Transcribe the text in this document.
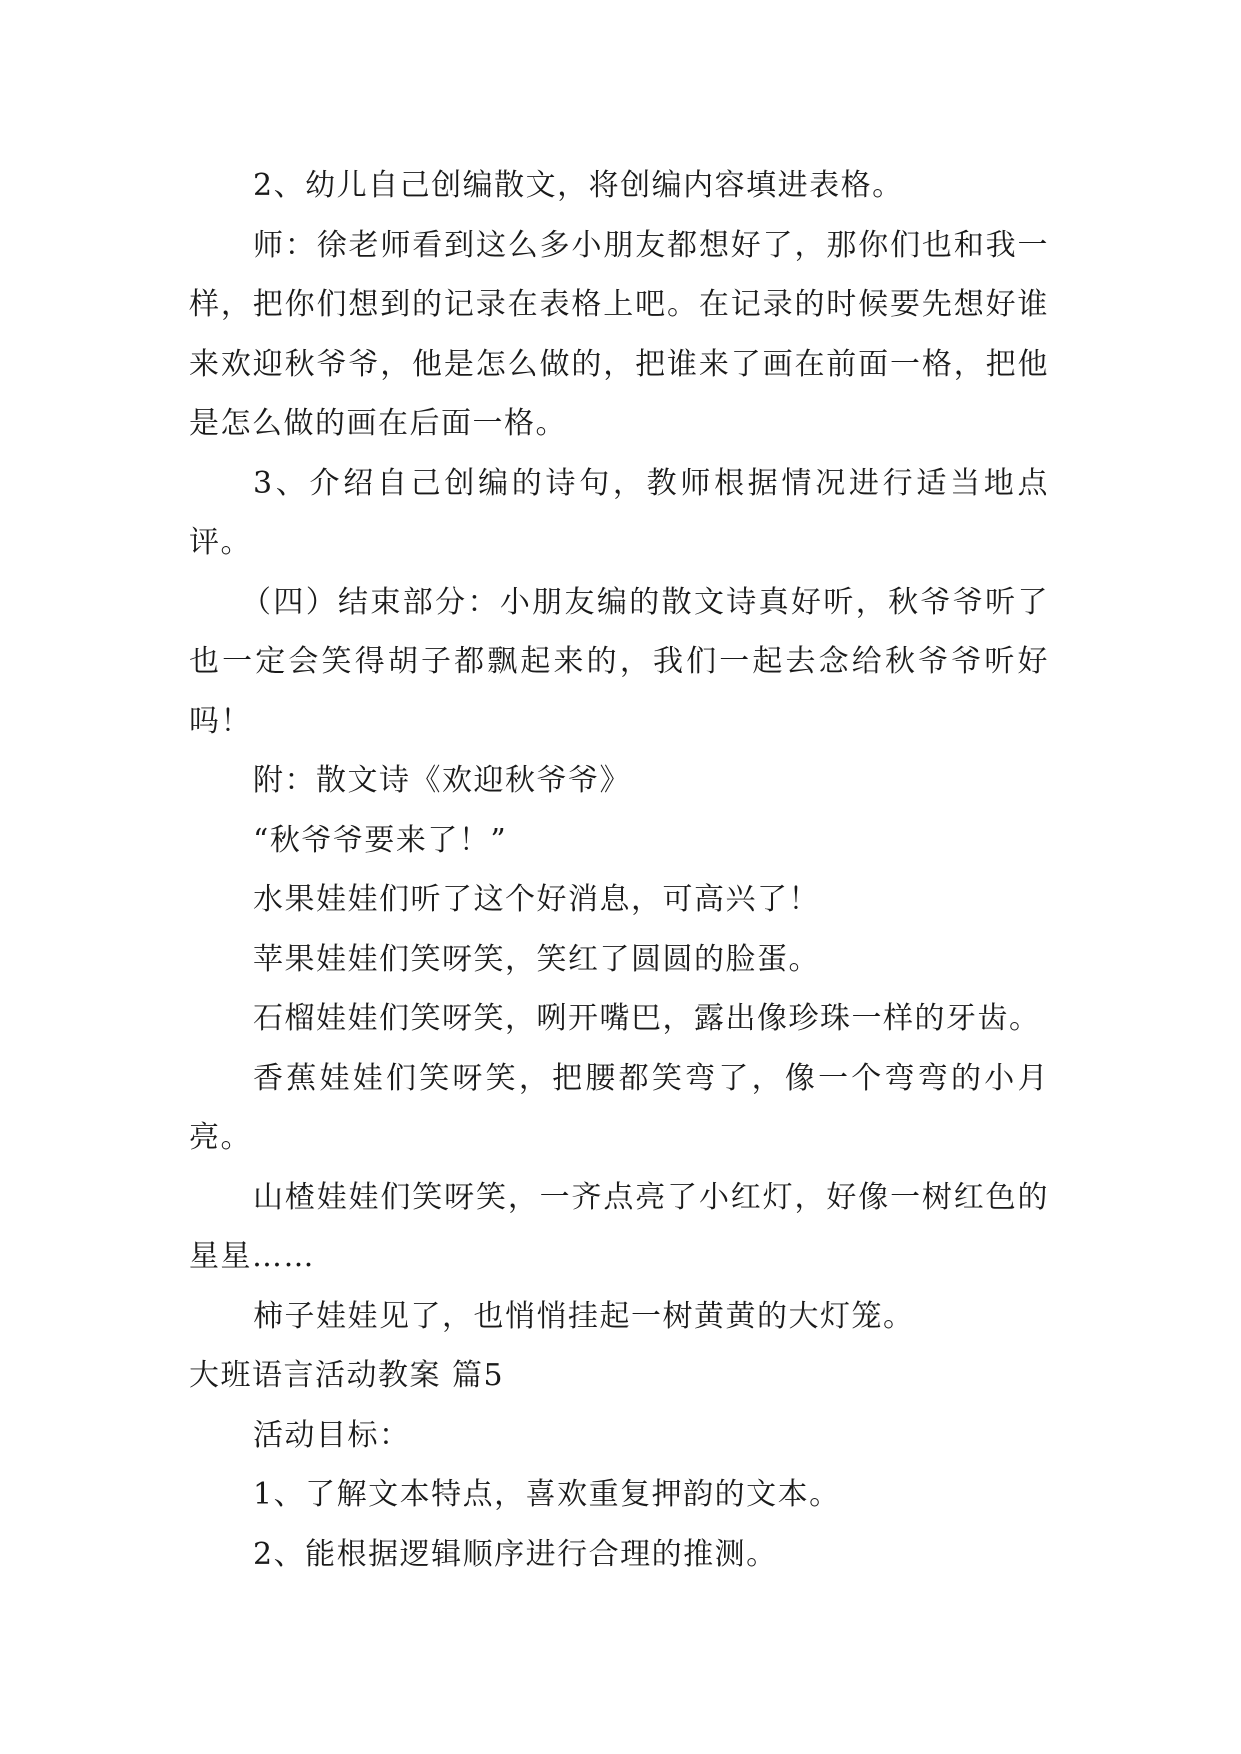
2、幼儿自己创编散文，将创编内容填进表格。

师：徐老师看到这么多小朋友都想好了，那你们也和我一样，把你们想到的记录在表格上吧。在记录的时候要先想好谁来欢迎秋爷爷，他是怎么做的，把谁来了画在前面一格，把他是怎么做的画在后面一格。

3、介绍自己创编的诗句，教师根据情况进行适当地点评。

（四）结束部分：小朋友编的散文诗真好听，秋爷爷听了也一定会笑得胡子都飘起来的，我们一起去念给秋爷爷听好吗！

附：散文诗《欢迎秋爷爷》

“秋爷爷要来了！”

水果娃娃们听了这个好消息，可高兴了！

苹果娃娃们笑呀笑，笑红了圆圆的脸蛋。

石榴娃娃们笑呀笑，咧开嘴巴，露出像珍珠一样的牙齿。

香蕉娃娃们笑呀笑，把腰都笑弯了，像一个弯弯的小月亮。

山楂娃娃们笑呀笑，一齐点亮了小红灯，好像一树红色的星星……

柿子娃娃见了，也悄悄挂起一树黄黄的大灯笼。

大班语言活动教案 篇5

活动目标：

1、了解文本特点，喜欢重复押韵的文本。

2、能根据逻辑顺序进行合理的推测。
